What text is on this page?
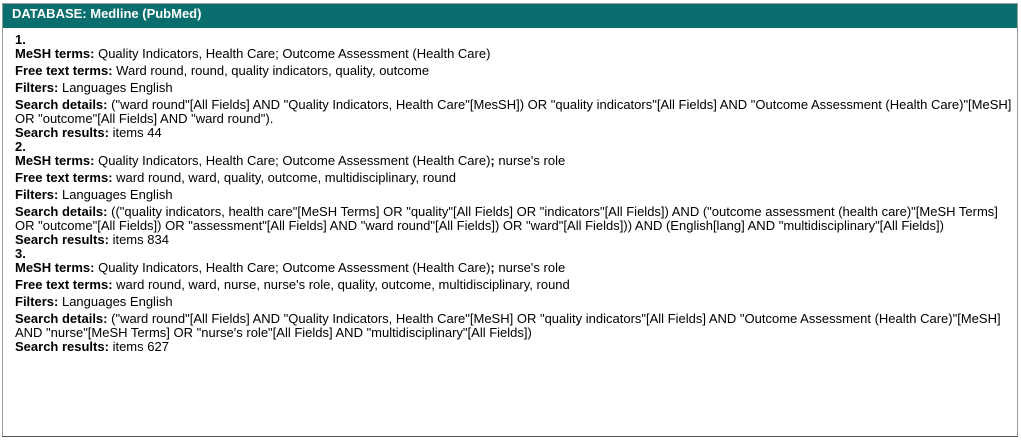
DATABASE: Medline (PubMed)

1.

MeSH terms: Quality Indicators, Health Care; Outcome Assessment (Health Care)

Free text terms: Ward round, round, quality indicators, quality, outcome

Filters: Languages English

Search details: ("ward round"[All Fields] AND "Quality Indicators, Health Care"[MesSH]) OR "quality indicators"[All Fields] AND "Outcome Assessment (Health Care)"[MeSH] OR "outcome"[All Fields] AND "ward round").

Search results: items 44

2.

MeSH terms: Quality Indicators, Health Care; Outcome Assessment (Health Care); nurse's role

Free text terms: ward round, ward, quality, outcome, multidisciplinary, round

Filters: Languages English

Search details: (("quality indicators, health care"[MeSH Terms] OR "quality"[All Fields] OR "indicators"[All Fields]) AND ("outcome assessment (health care)"[MeSH Terms] OR "outcome"[All Fields]) OR "assessment"[All Fields] AND "ward round"[All Fields]) OR "ward"[All Fields])) AND (English[lang] AND "multidisciplinary"[All Fields])

Search results: items 834

3.

MeSH terms: Quality Indicators, Health Care; Outcome Assessment (Health Care); nurse's role

Free text terms: ward round, ward, nurse, nurse's role, quality, outcome, multidisciplinary, round

Filters: Languages English

Search details: ("ward round"[All Fields] AND "Quality Indicators, Health Care"[MeSH] OR "quality indicators"[All Fields] AND "Outcome Assessment (Health Care)"[MeSH] AND "nurse"[MeSH Terms] OR "nurse's role"[All Fields] AND "multidisciplinary"[All Fields])

Search results: items 627
